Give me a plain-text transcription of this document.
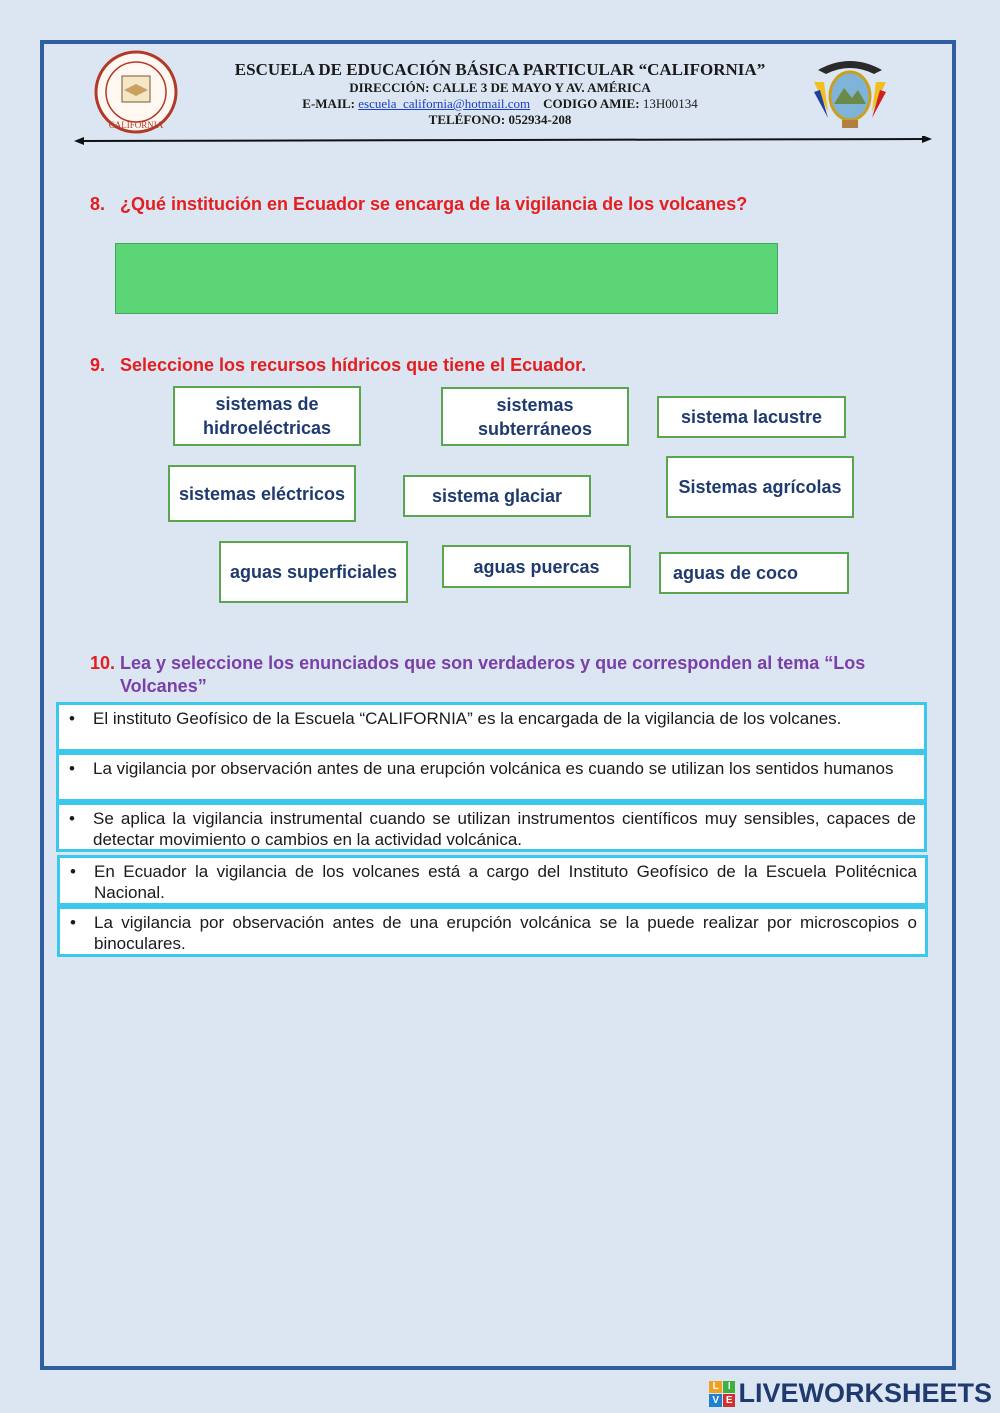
CALIFORNIA
ESCUELA DE EDUCACIÓN BÁSICA PARTICULAR “CALIFORNIA”
DIRECCIÓN: CALLE 3 DE MAYO Y AV. AMÉRICA
E-MAIL: escuela_california@hotmail.com CODIGO AMIE: 13H00134
TELÉFONO: 052934-208
8. ¿Qué institución en Ecuador se encarga de la vigilancia de los volcanes?
9. Seleccione los recursos hídricos que tiene el Ecuador.
sistemas de hidroeléctricas
sistemas subterráneos
sistema lacustre
sistemas eléctricos	sistema glaciar	Sistemas agrícolas
aguas superficiales	aguas puercas	aguas de coco
10. Lea y seleccione los enunciados que son verdaderos y que corresponden al tema “Los Volcanes”
• El instituto Geofísico de la Escuela “CALIFORNIA” es la encargada de la vigilancia de los volcanes.
• La vigilancia por observación antes de una erupción volcánica es cuando se utilizan los sentidos humanos
• Se aplica la vigilancia instrumental cuando se utilizan instrumentos científicos muy sensibles, capaces de detectar movimiento o cambios en la actividad volcánica.
• En Ecuador la vigilancia de los volcanes está a cargo del Instituto Geofísico de la Escuela Politécnica Nacional.
• La vigilancia por observación antes de una erupción volcánica se la puede realizar por microscopios o binoculares.
L I
V E LIVEWORKSHEETS
